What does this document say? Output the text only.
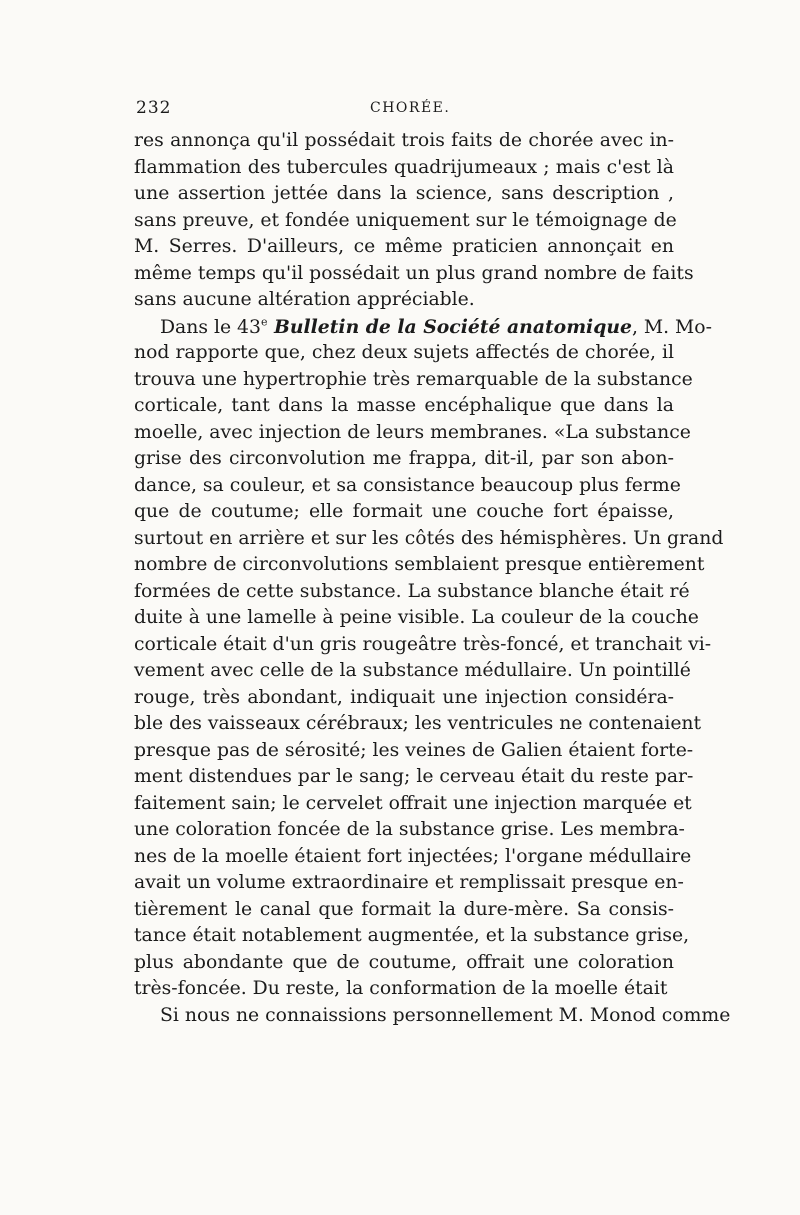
232	CHORÉE.
res annonça qu'il possédait trois faits de chorée avec in-
flammation des tubercules quadrijumeaux ; mais c'est là
une assertion jettée dans la science, sans description ,
sans preuve, et fondée uniquement sur le témoignage de
M. Serres. D'ailleurs, ce même praticien annonçait en
même temps qu'il possédait un plus grand nombre de faits
sans aucune altération appréciable.
Dans le 43e Bulletin de la Société anatomique, M. Mo-
nod rapporte que, chez deux sujets affectés de chorée, il
trouva une hypertrophie très remarquable de la substance
corticale, tant dans la masse encéphalique que dans la
moelle, avec injection de leurs membranes. «La substance
grise des circonvolution me frappa, dit-il, par son abon-
dance, sa couleur, et sa consistance beaucoup plus ferme
que de coutume; elle formait une couche fort épaisse,
surtout en arrière et sur les côtés des hémisphères. Un grand
nombre de circonvolutions semblaient presque entièrement
formées de cette substance. La substance blanche était ré
duite à une lamelle à peine visible. La couleur de la couche
corticale était d'un gris rougeâtre très-foncé, et tranchait vi-
vement avec celle de la substance médullaire. Un pointillé
rouge, très abondant, indiquait une injection considéra-
ble des vaisseaux cérébraux; les ventricules ne contenaient
presque pas de sérosité; les veines de Galien étaient forte-
ment distendues par le sang; le cerveau était du reste par-
faitement sain; le cervelet offrait une injection marquée et
une coloration foncée de la substance grise. Les membra-
nes de la moelle étaient fort injectées; l'organe médullaire
avait un volume extraordinaire et remplissait presque en-
tièrement le canal que formait la dure-mère. Sa consis-
tance était notablement augmentée, et la substance grise,
plus abondante que de coutume, offrait une coloration
très-foncée. Du reste, la conformation de la moelle était
Si nous ne connaissions personnellement M. Monod comme
